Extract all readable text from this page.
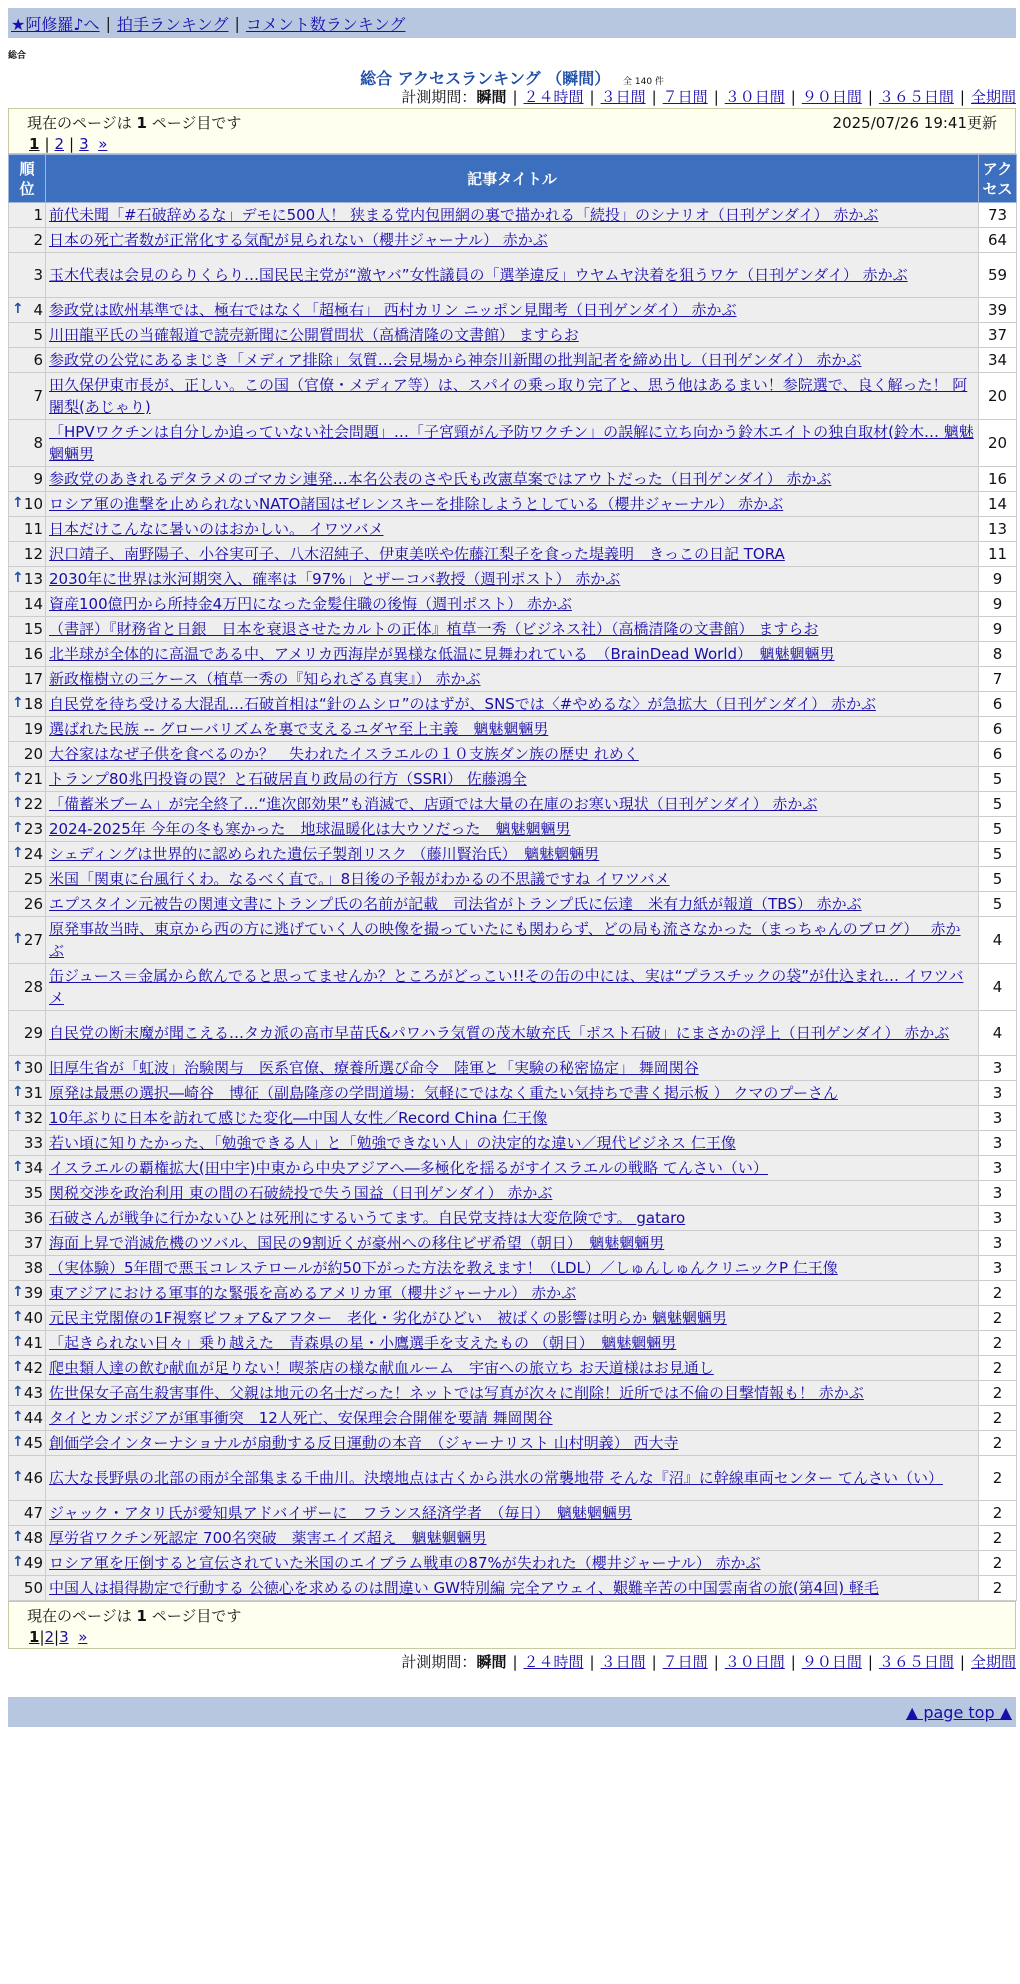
★阿修羅♪へ | 拍手ランキング | コメント数ランキング
総合
総合 アクセスランキング （瞬間） 全 140 件
計測期間：瞬間 | ２４時間 | ３日間 | ７日間 | ３０日間 | ９０日間 | ３６５日間 | 全期間
現在のページは 1 ページ目です	2025/07/26 19:41更新
1 | 2 | 3 »
順
位	記事タイトル	アク
セス
1	前代未聞「#石破辞めるな」デモに500人！ 狭まる党内包囲網の裏で描かれる「続投」のシナリオ（日刊ゲンダイ） 赤かぶ	73
2	日本の死亡者数が正常化する気配が見られない（櫻井ジャーナル） 赤かぶ	64
3	玉木代表は会見のらりくらり…国民民主党が“激ヤバ”女性議員の「選挙違反」ウヤムヤ決着を狙うワケ（日刊ゲンダイ） 赤かぶ	59

↑ 4	参政党は欧州基準では、極右ではなく「超極右」 西村カリン ニッポン見聞考（日刊ゲンダイ） 赤かぶ	39
5	川田龍平氏の当確報道で読売新聞に公開質問状（高橋清隆の文書館） ますらお	37
6	参政党の公党にあるまじき「メディア排除」気質…会見場から神奈川新聞の批判記者を締め出し（日刊ゲンダイ） 赤かぶ	34
7	田久保伊東市長が、正しい。この国（官僚・メディア等）は、スパイの乗っ取り完了と、思う他はあるまい！参院選で、良く解った！ 阿闍梨(あじゃり)	20
8	「HPVワクチンは自分しか追っていない社会問題」…「子宮頸がん予防ワクチン」の誤解に立ち向かう鈴木エイトの独自取材(鈴木… 魑魅魍魎男	20
9	参政党のあきれるデタラメのゴマカシ連発…本名公表のさや氏も改憲草案ではアウトだった（日刊ゲンダイ） 赤かぶ	16

↑ 10	ロシア軍の進撃を止められないNATO諸国はゼレンスキーを排除しようとしている（櫻井ジャーナル） 赤かぶ	14
11	日本だけこんなに暑いのはおかしい。 イワツバメ	13
12	沢口靖子、南野陽子、小谷実可子、八木沼純子、伊東美咲や佐藤江梨子を食った堤義明　きっこの日記 TORA	11

↑ 13	2030年に世界は氷河期突入、確率は「97%」とザーコバ教授（週刊ポスト） 赤かぶ	9
14	資産100億円から所持金4万円になった金髪住職の後悔（週刊ポスト） 赤かぶ	9
15	（書評）『財務省と日銀　日本を衰退させたカルトの正体』植草一秀（ビジネス社）（高橋清隆の文書館） ますらお	9
16	北半球が全体的に高温である中、アメリカ西海岸が異様な低温に見舞われている　（BrainDead World）　魑魅魍魎男	8
17	新政権樹立の三ケース（植草一秀の『知られざる真実』） 赤かぶ	7

↑ 18	自民党を待ち受ける大混乱…石破首相は“針のムシロ”のはずが、SNSでは〈#やめるな〉が急拡大（日刊ゲンダイ） 赤かぶ	6
19	選ばれた民族 -- グローバリズムを裏で支えるユダヤ至上主義　魑魅魍魎男	6
20	大谷家はなぜ子供を食べるのか？　失われたイスラエルの１０支族ダン族の歴史 れめく	6

↑ 21	トランプ80兆円投資の罠？と石破居直り政局の行方（SSRI） 佐藤鴻全	5

↑ 22	「備蓄米ブーム」が完全終了…“進次郎効果”も消滅で、店頭では大量の在庫のお寒い現状（日刊ゲンダイ） 赤かぶ	5

↑ 23	2024-2025年 今年の冬も寒かった　地球温暖化は大ウソだった　魑魅魍魎男	5

↑ 24	シェディングは世界的に認められた遺伝子製剤リスク （藤川賢治氏）　魑魅魍魎男	5
25	米国「関東に台風行くわ。なるべく直で。」8日後の予報がわかるの不思議ですね イワツバメ	5
26	エプスタイン元被告の関連文書にトランプ氏の名前が記載　司法省がトランプ氏に伝達　米有力紙が報道（TBS） 赤かぶ	5

↑ 27	原発事故当時、東京から西の方に逃げていく人の映像を撮っていたにも関わらず、どの局も流さなかった（まっちゃんのブログ）　 赤かぶ	4
28	缶ジュース＝金属から飲んでると思ってませんか？ところがどっこい!!その缶の中には、実は“プラスチックの袋”が仕込まれ… イワツバメ	4
29	自民党の断末魔が聞こえる…タカ派の高市早苗氏&パワハラ気質の茂木敏充氏「ポスト石破」にまさかの浮上（日刊ゲンダイ） 赤かぶ	4

↑ 30	旧厚生省が「虹波」治験関与　医系官僚、療養所選び命令　陸軍と「実験の秘密協定」 舞岡関谷	3

↑ 31	原発は最悪の選択―崎谷　博征（副島隆彦の学問道場：気軽にではなく重たい気持ちで書く掲示板 ） クマのプーさん	3

↑ 32	10年ぶりに日本を訪れて感じた変化―中国人女性／Record China 仁王像	3
33	若い頃に知りたかった、「勉強できる人」と「勉強できない人」の決定的な違い／現代ビジネス 仁王像	3

↑ 34	イスラエルの覇権拡大(田中宇)中東から中央アジアへ―多極化を揺るがすイスラエルの戦略 てんさい（い）	3
35	関税交渉を政治利用 東の間の石破続投で失う国益（日刊ゲンダイ） 赤かぶ	3
36	石破さんが戦争に行かないひとは死刑にするいうてます。自民党支持は大変危険です。 gataro	3
37	海面上昇で消滅危機のツバル、国民の9割近くが豪州への移住ビザ希望（朝日）　魑魅魍魎男	3
38	（実体験）5年間で悪玉コレステロールが約50下がった方法を教えます！（LDL）／しゅんしゅんクリニックP 仁王像	3

↑ 39	東アジアにおける軍事的な緊張を高めるアメリカ軍（櫻井ジャーナル） 赤かぶ	2

↑ 40	元民主党閣僚の1F視察ビフォア&アフター　老化・劣化がひどい　被ばくの影響は明らか 魑魅魍魎男	2

↑ 41	「起きられない日々」乗り越えた　青森県の星・小鷹選手を支えたもの （朝日）　魑魅魍魎男	2

↑ 42	爬虫類人達の飲む献血が足りない！喫茶店の様な献血ルーム　宇宙への旅立ち お天道様はお見通し	2

↑ 43	佐世保女子高生殺害事件、父親は地元の名士だった！ネットでは写真が次々に削除！近所では不倫の目撃情報も！ 赤かぶ	2

↑ 44	タイとカンボジアが軍事衝突　12人死亡、安保理会合開催を要請 舞岡関谷	2

↑ 45	創価学会インターナショナルが扇動する反日運動の本音　（ジャーナリスト 山村明義） 西大寺	2

↑ 46	広大な長野県の北部の雨が全部集まる千曲川。決壊地点は古くから洪水の常襲地帯 そんな『沼』に幹線車両センター てんさい（い）	2
47	ジャック・アタリ氏が愛知県アドバイザーに　フランス経済学者　（毎日）　魑魅魍魎男	2

↑ 48	厚労省ワクチン死認定 700名突破　薬害エイズ超え　魑魅魍魎男	2

↑ 49	ロシア軍を圧倒すると宣伝されていた米国のエイブラム戦車の87%が失われた（櫻井ジャーナル） 赤かぶ	2
50	中国人は損得勘定で行動する 公徳心を求めるのは間違い GW特別編 完全アウェイ、艱難辛苦の中国雲南省の旅(第4回) 軽毛	2
現在のページは 1 ページ目です
1|2|3 »
計測期間：瞬間 | ２４時間 | ３日間 | ７日間 | ３０日間 | ９０日間 | ３６５日間 | 全期間
▲ page top ▲
